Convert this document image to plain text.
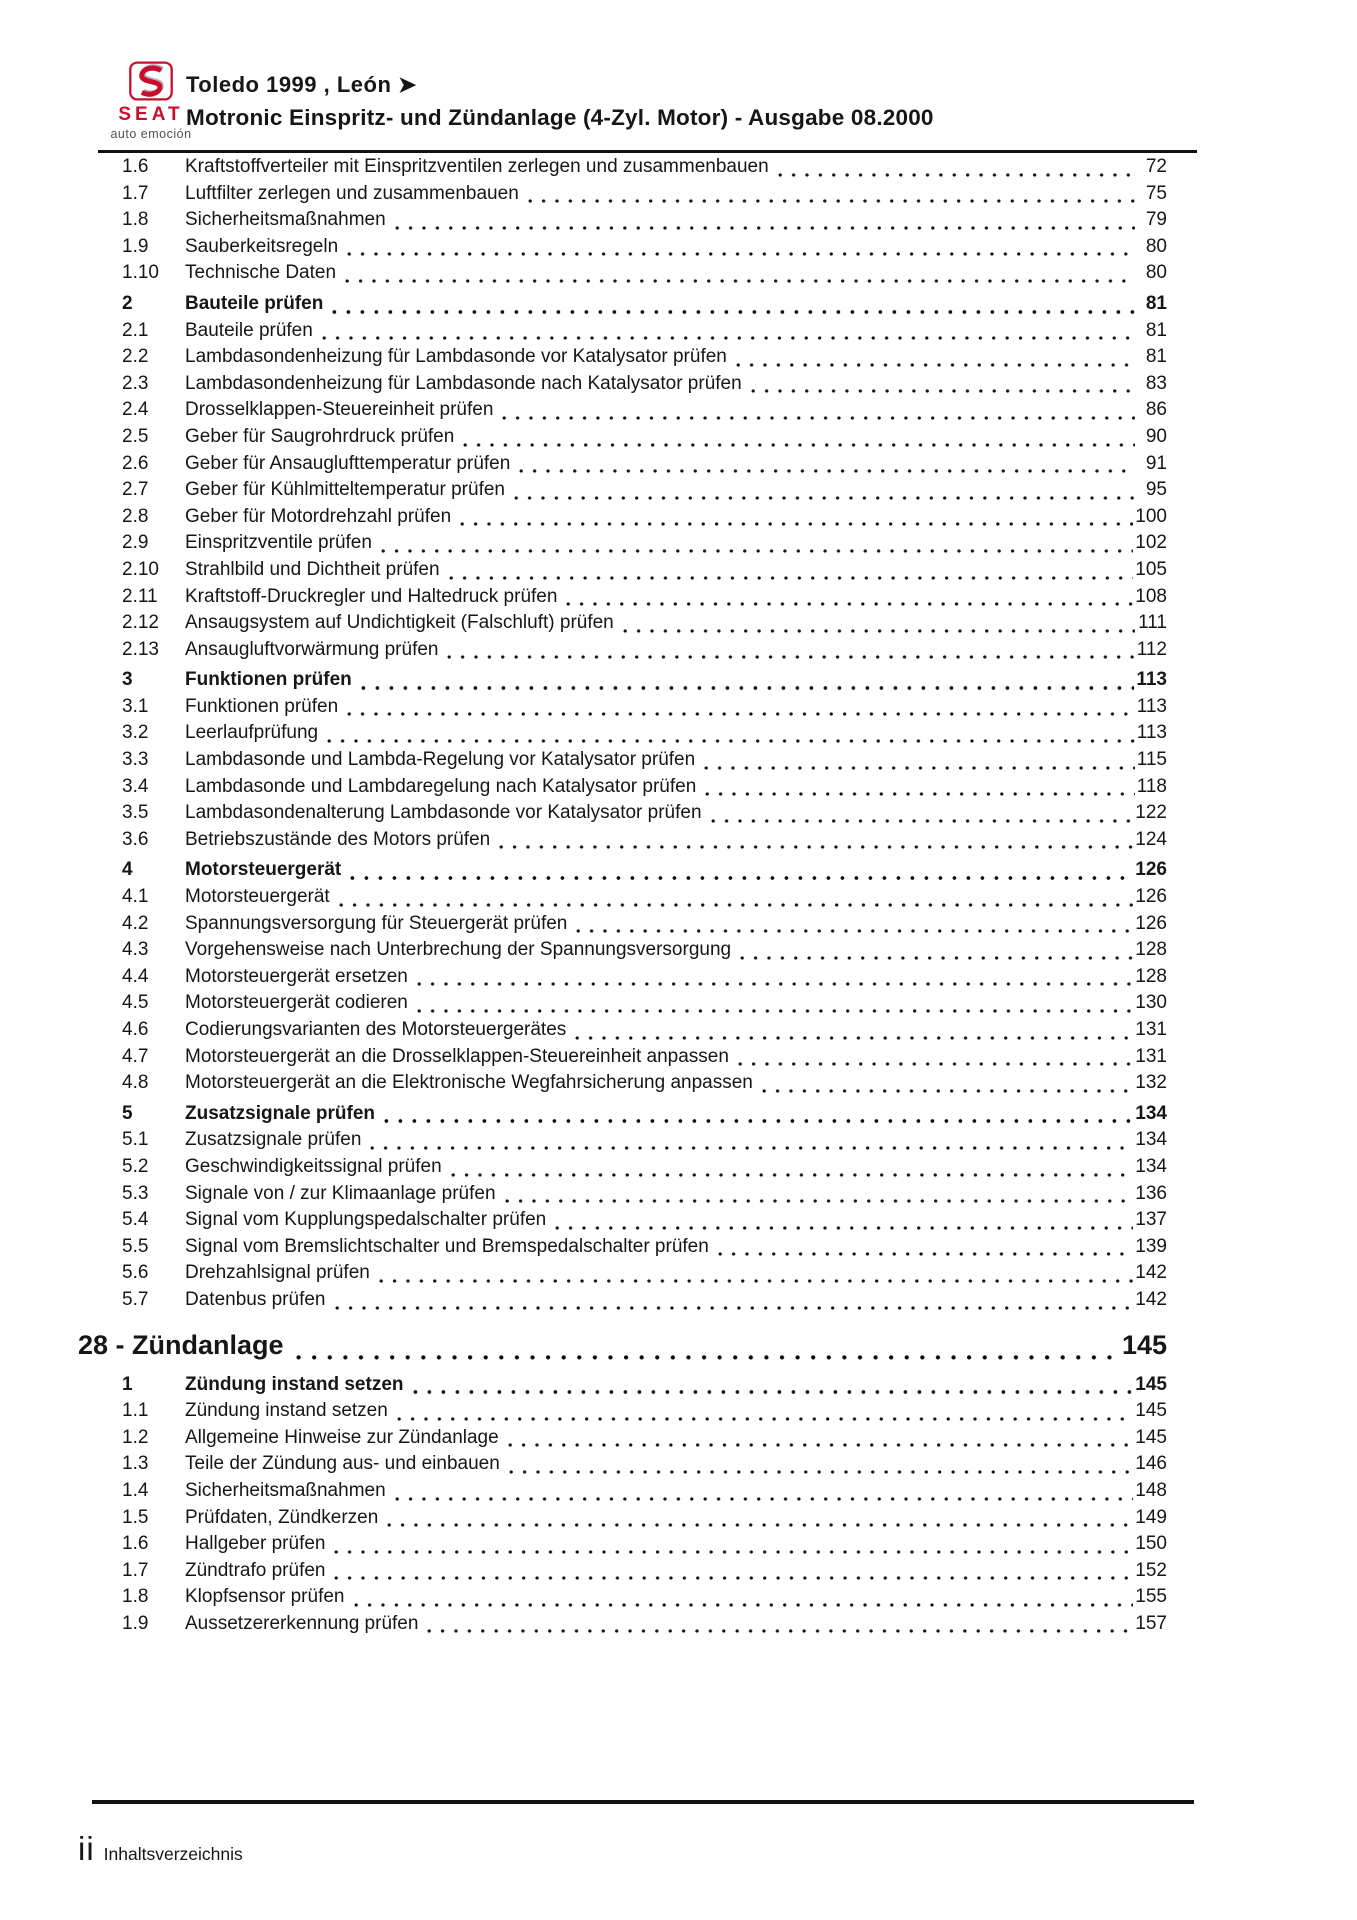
SEAT
auto emoción
Toledo 1999 , León ➤
Motronic Einspritz- und Zündanlage (4-Zyl. Motor) - Ausgabe 08.2000
1.6	Kraftstoffverteiler mit Einspritzventilen zerlegen und zusammenbauen	72
1.7	Luftfilter zerlegen und zusammenbauen	75
1.8	Sicherheitsmaßnahmen	79
1.9	Sauberkeitsregeln	80
1.10	Technische Daten	80
2	Bauteile prüfen	81
2.1	Bauteile prüfen	81
2.2	Lambdasondenheizung für Lambdasonde vor Katalysator prüfen	81
2.3	Lambdasondenheizung für Lambdasonde nach Katalysator prüfen	83
2.4	Drosselklappen-Steuereinheit prüfen	86
2.5	Geber für Saugrohrdruck prüfen	90
2.6	Geber für Ansauglufttemperatur prüfen	91
2.7	Geber für Kühlmitteltemperatur prüfen	95
2.8	Geber für Motordrehzahl prüfen	100
2.9	Einspritzventile prüfen	102
2.10	Strahlbild und Dichtheit prüfen	105
2.11	Kraftstoff-Druckregler und Haltedruck prüfen	108
2.12	Ansaugsystem auf Undichtigkeit (Falschluft) prüfen	111
2.13	Ansaugluftvorwärmung prüfen	112
3	Funktionen prüfen	113
3.1	Funktionen prüfen	113
3.2	Leerlaufprüfung	113
3.3	Lambdasonde und Lambda-Regelung vor Katalysator prüfen	115
3.4	Lambdasonde und Lambdaregelung nach Katalysator prüfen	118
3.5	Lambdasondenalterung Lambdasonde vor Katalysator prüfen	122
3.6	Betriebszustände des Motors prüfen	124
4	Motorsteuergerät	126
4.1	Motorsteuergerät	126
4.2	Spannungsversorgung für Steuergerät prüfen	126
4.3	Vorgehensweise nach Unterbrechung der Spannungsversorgung	128
4.4	Motorsteuergerät ersetzen	128
4.5	Motorsteuergerät codieren	130
4.6	Codierungsvarianten des Motorsteuergerätes	131
4.7	Motorsteuergerät an die Drosselklappen-Steuereinheit anpassen	131
4.8	Motorsteuergerät an die Elektronische Wegfahrsicherung anpassen	132
5	Zusatzsignale prüfen	134
5.1	Zusatzsignale prüfen	134
5.2	Geschwindigkeitssignal prüfen	134
5.3	Signale von / zur Klimaanlage prüfen	136
5.4	Signal vom Kupplungspedalschalter prüfen	137
5.5	Signal vom Bremslichtschalter und Bremspedalschalter prüfen	139
5.6	Drehzahlsignal prüfen	142
5.7	Datenbus prüfen	142
28 - Zündanlage	145
1	Zündung instand setzen	145
1.1	Zündung instand setzen	145
1.2	Allgemeine Hinweise zur Zündanlage	145
1.3	Teile der Zündung aus- und einbauen	146
1.4	Sicherheitsmaßnahmen	148
1.5	Prüfdaten, Zündkerzen	149
1.6	Hallgeber prüfen	150
1.7	Zündtrafo prüfen	152
1.8	Klopfsensor prüfen	155
1.9	Aussetzererkennung prüfen	157
ii Inhaltsverzeichnis
